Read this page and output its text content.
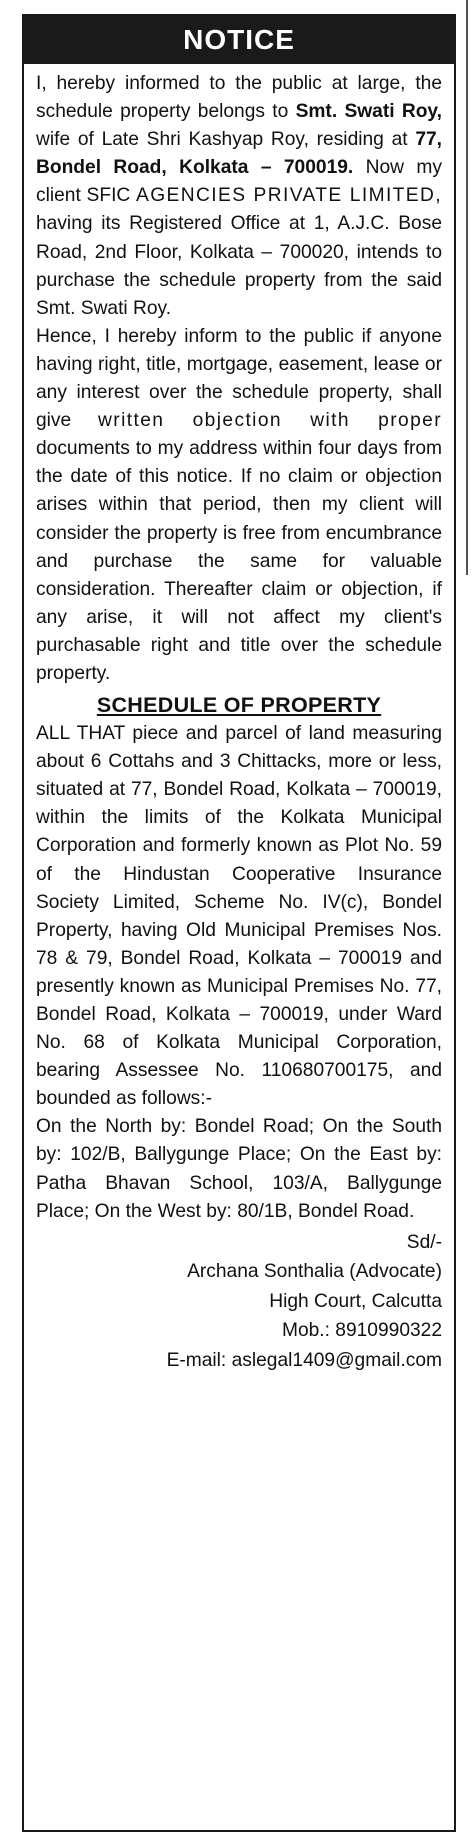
NOTICE

I, hereby informed to the public at large, the schedule property belongs to Smt. Swati Roy, wife of Late Shri Kashyap Roy, residing at 77, Bondel Road, Kolkata – 700019. Now my client SFIC AGENCIES PRIVATE LIMITED, having its Registered Office at 1, A.J.C. Bose Road, 2nd Floor, Kolkata – 700020, intends to purchase the schedule property from the said Smt. Swati Roy.

Hence, I hereby inform to the public if anyone having right, title, mortgage, easement, lease or any interest over the schedule property, shall give written objection with proper documents to my address within four days from the date of this notice. If no claim or objection arises within that period, then my client will consider the property is free from encumbrance and purchase the same for valuable consideration. Thereafter claim or objection, if any arise, it will not affect my client's purchasable right and title over the schedule property.

SCHEDULE OF PROPERTY

ALL THAT piece and parcel of land measuring about 6 Cottahs and 3 Chittacks, more or less, situated at 77, Bondel Road, Kolkata – 700019, within the limits of the Kolkata Municipal Corporation and formerly known as Plot No. 59 of the Hindustan Cooperative Insurance Society Limited, Scheme No. IV(c), Bondel Property, having Old Municipal Premises Nos. 78 & 79, Bondel Road, Kolkata – 700019 and presently known as Municipal Premises No. 77, Bondel Road, Kolkata – 700019, under Ward No. 68 of Kolkata Municipal Corporation, bearing Assessee No. 110680700175, and bounded as follows:-

On the North by: Bondel Road; On the South by: 102/B, Ballygunge Place; On the East by: Patha Bhavan School, 103/A, Ballygunge Place; On the West by: 80/1B, Bondel Road.

Sd/-
Archana Sonthalia (Advocate)
High Court, Calcutta
Mob.: 8910990322
E-mail: aslegal1409@gmail.com
